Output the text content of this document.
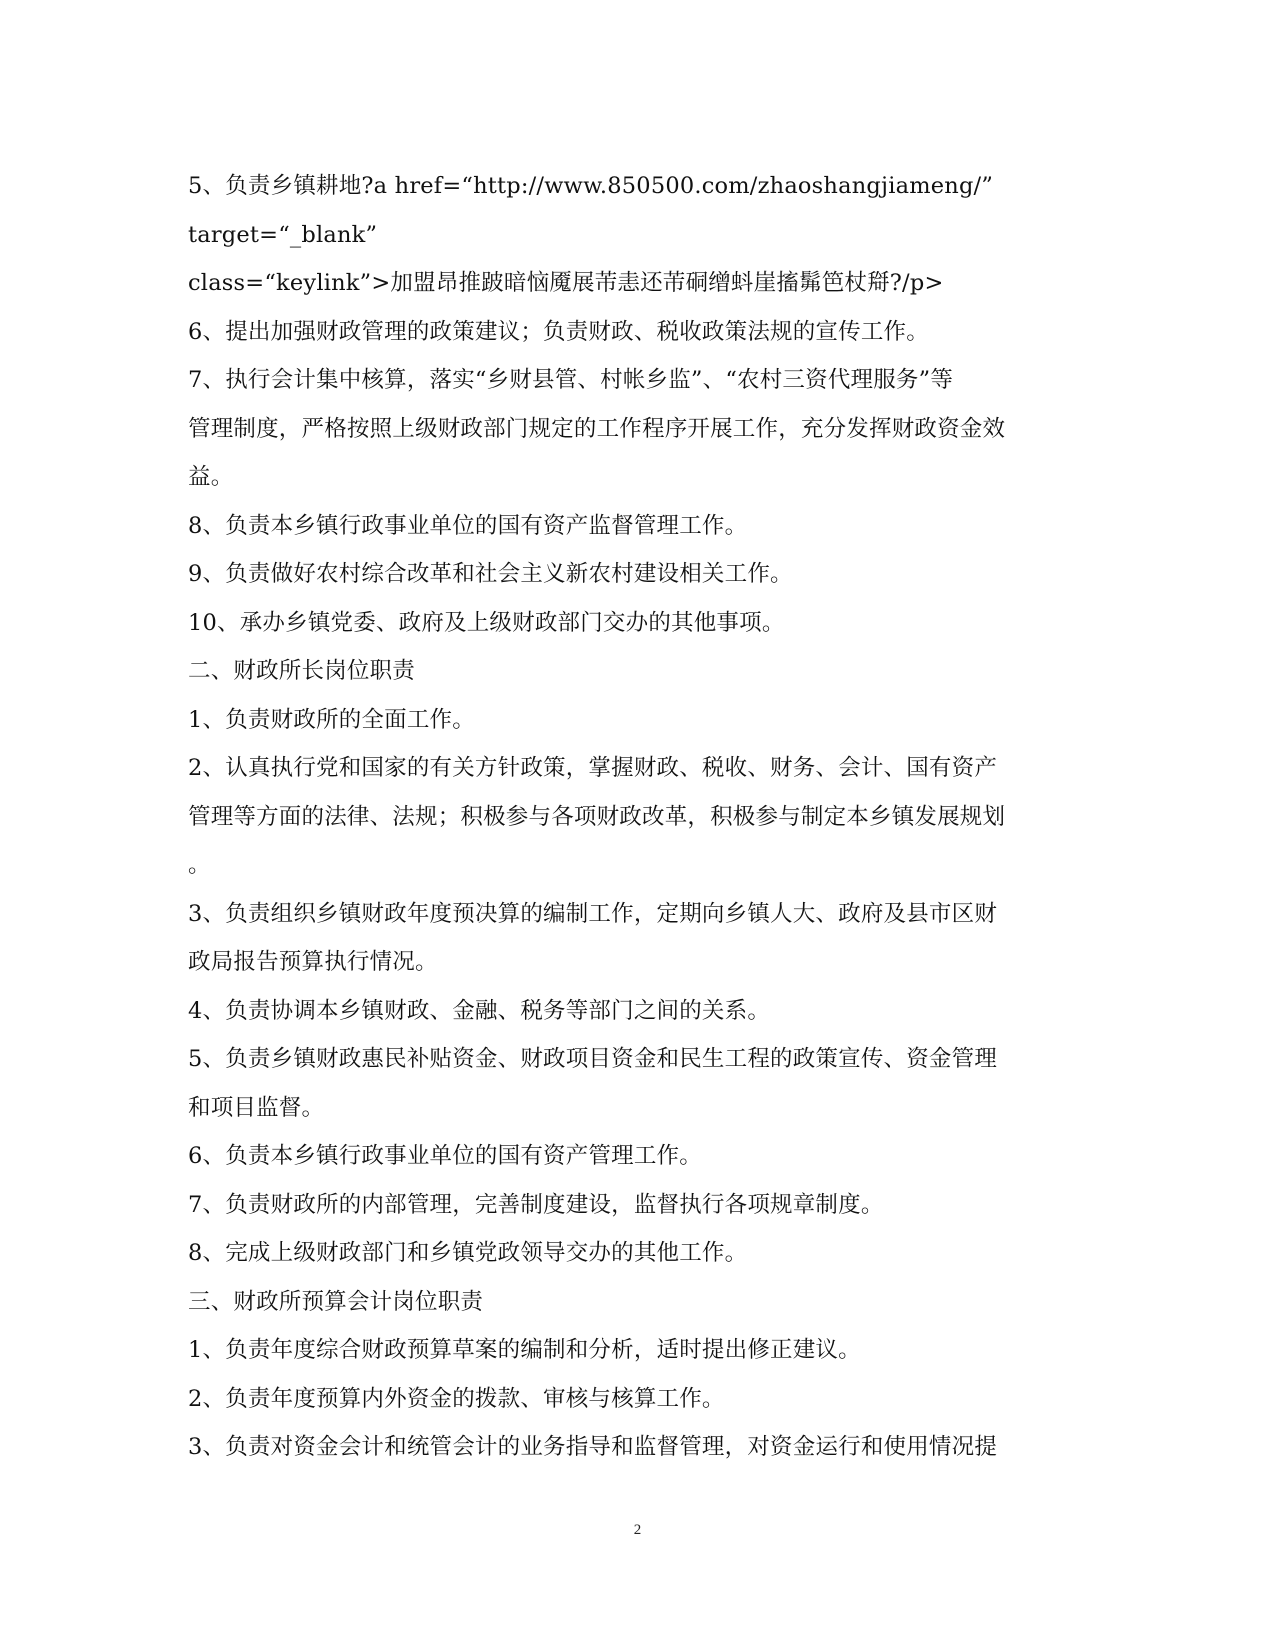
5、负责乡镇耕地?a href=“http://www.850500.com/zhaoshangjiameng/”
target=“_blank”
class=“keylink”>加盟昂推跛暗恼魇展芾恚还芾硐缯蚪崖搐髴笆杖搿?/p>
6、提出加强财政管理的政策建议；负责财政、税收政策法规的宣传工作。
7、执行会计集中核算，落实“乡财县管、村帐乡监”、“农村三资代理服务”等
管理制度，严格按照上级财政部门规定的工作程序开展工作，充分发挥财政资金效
益。
8、负责本乡镇行政事业单位的国有资产监督管理工作。
9、负责做好农村综合改革和社会主义新农村建设相关工作。
10、承办乡镇党委、政府及上级财政部门交办的其他事项。
二、财政所长岗位职责
1、负责财政所的全面工作。
2、认真执行党和国家的有关方针政策，掌握财政、税收、财务、会计、国有资产
管理等方面的法律、法规；积极参与各项财政改革，积极参与制定本乡镇发展规划
。
3、负责组织乡镇财政年度预决算的编制工作，定期向乡镇人大、政府及县市区财
政局报告预算执行情况。
4、负责协调本乡镇财政、金融、税务等部门之间的关系。
5、负责乡镇财政惠民补贴资金、财政项目资金和民生工程的政策宣传、资金管理
和项目监督。
6、负责本乡镇行政事业单位的国有资产管理工作。
7、负责财政所的内部管理，完善制度建设，监督执行各项规章制度。
8、完成上级财政部门和乡镇党政领导交办的其他工作。
三、财政所预算会计岗位职责
1、负责年度综合财政预算草案的编制和分析，适时提出修正建议。
2、负责年度预算内外资金的拨款、审核与核算工作。
3、负责对资金会计和统管会计的业务指导和监督管理，对资金运行和使用情况提
2
